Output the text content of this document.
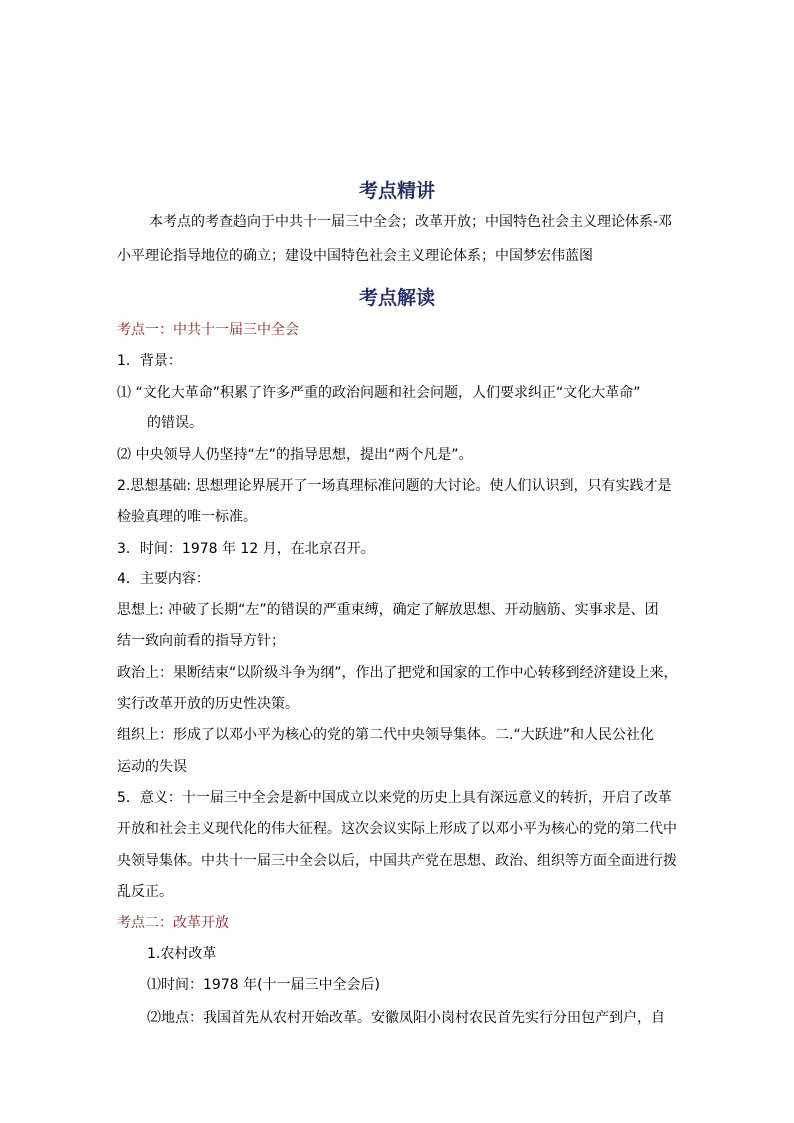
考点精讲
本考点的考查趋向于中共十一届三中全会；改革开放；中国特色社会主义理论体系-邓
小平理论指导地位的确立；建设中国特色社会主义理论体系；中国梦宏伟蓝图
考点解读
考点一：中共十一届三中全会
1．背景：
⑴ “文化大革命”积累了许多严重的政治问题和社会问题，人们要求纠正“文化大革命”
的错误。
⑵ 中央领导人仍坚持“左”的指导思想，提出“两个凡是”。
2.思想基础: 思想理论界展开了一场真理标准问题的大讨论。使人们认识到，只有实践才是
检验真理的唯一标准。
3．时间：1978 年 12 月，在北京召开。
4．主要内容：
思想上: 冲破了长期“左”的错误的严重束缚，确定了解放思想、开动脑筋、实事求是、团
结一致向前看的指导方针；
政治上：果断结束“以阶级斗争为纲”，作出了把党和国家的工作中心转移到经济建设上来，
实行改革开放的历史性决策。
组织上：形成了以邓小平为核心的党的第二代中央领导集体。二.“大跃进”和人民公社化
运动的失误
5．意义：十一届三中全会是新中国成立以来党的历史上具有深远意义的转折，开启了改革
开放和社会主义现代化的伟大征程。这次会议实际上形成了以邓小平为核心的党的第二代中
央领导集体。中共十一届三中全会以后，中国共产党在思想、政治、组织等方面全面进行拨
乱反正。
考点二：改革开放
1.农村改革
⑴时间：1978 年(十一届三中全会后)
⑵地点：我国首先从农村开始改革。安徽凤阳小岗村农民首先实行分田包产到户，自
